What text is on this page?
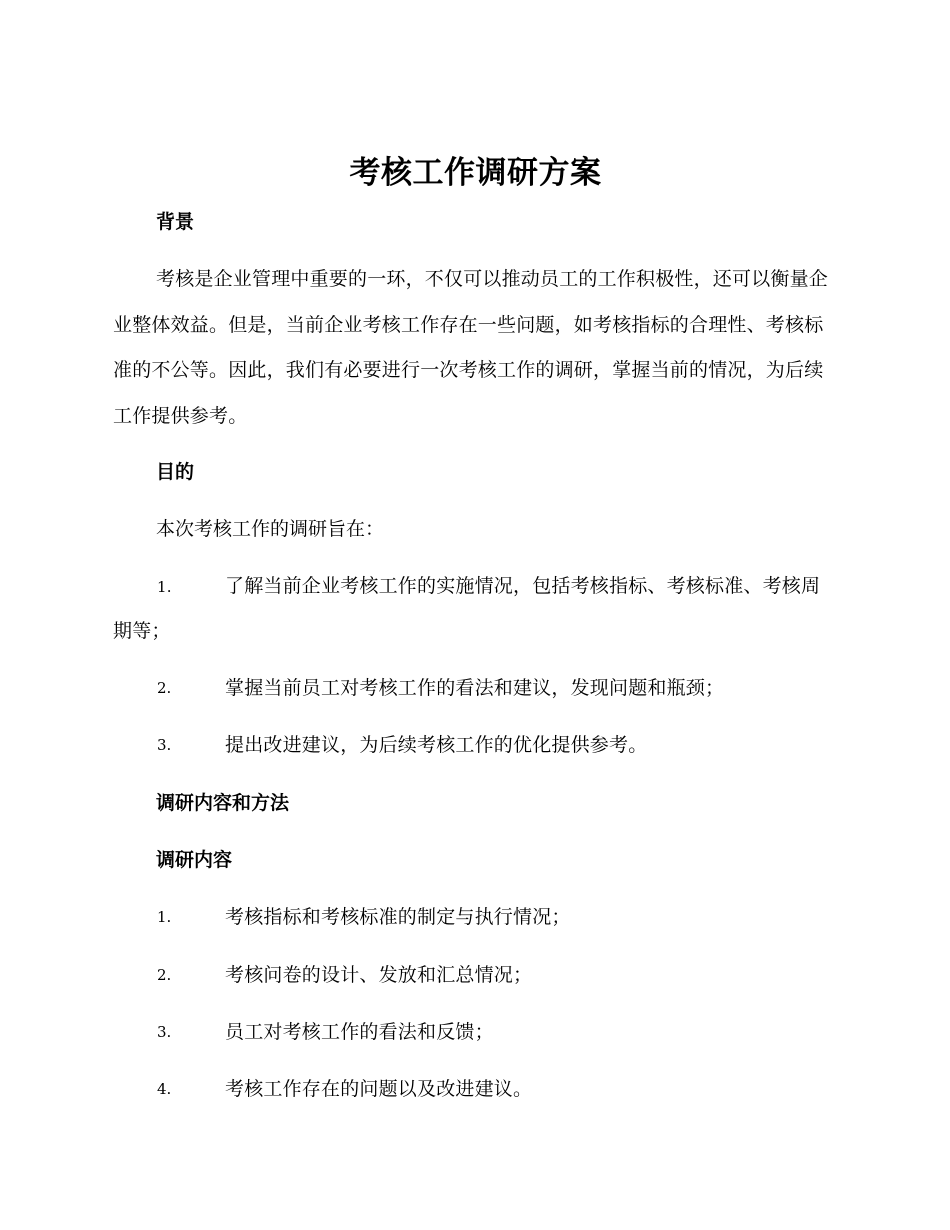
考核工作调研方案
背景
考核是企业管理中重要的一环，不仅可以推动员工的工作积极性，还可以衡量企业整体效益。但是，当前企业考核工作存在一些问题，如考核指标的合理性、考核标准的不公等。因此，我们有必要进行一次考核工作的调研，掌握当前的情况，为后续工作提供参考。
目的
本次考核工作的调研旨在：
1.	了解当前企业考核工作的实施情况，包括考核指标、考核标准、考核周期等；
2.	掌握当前员工对考核工作的看法和建议，发现问题和瓶颈；
3.	提出改进建议，为后续考核工作的优化提供参考。
调研内容和方法
调研内容
1.	考核指标和考核标准的制定与执行情况；
2.	考核问卷的设计、发放和汇总情况；
3.	员工对考核工作的看法和反馈；
4.	考核工作存在的问题以及改进建议。
